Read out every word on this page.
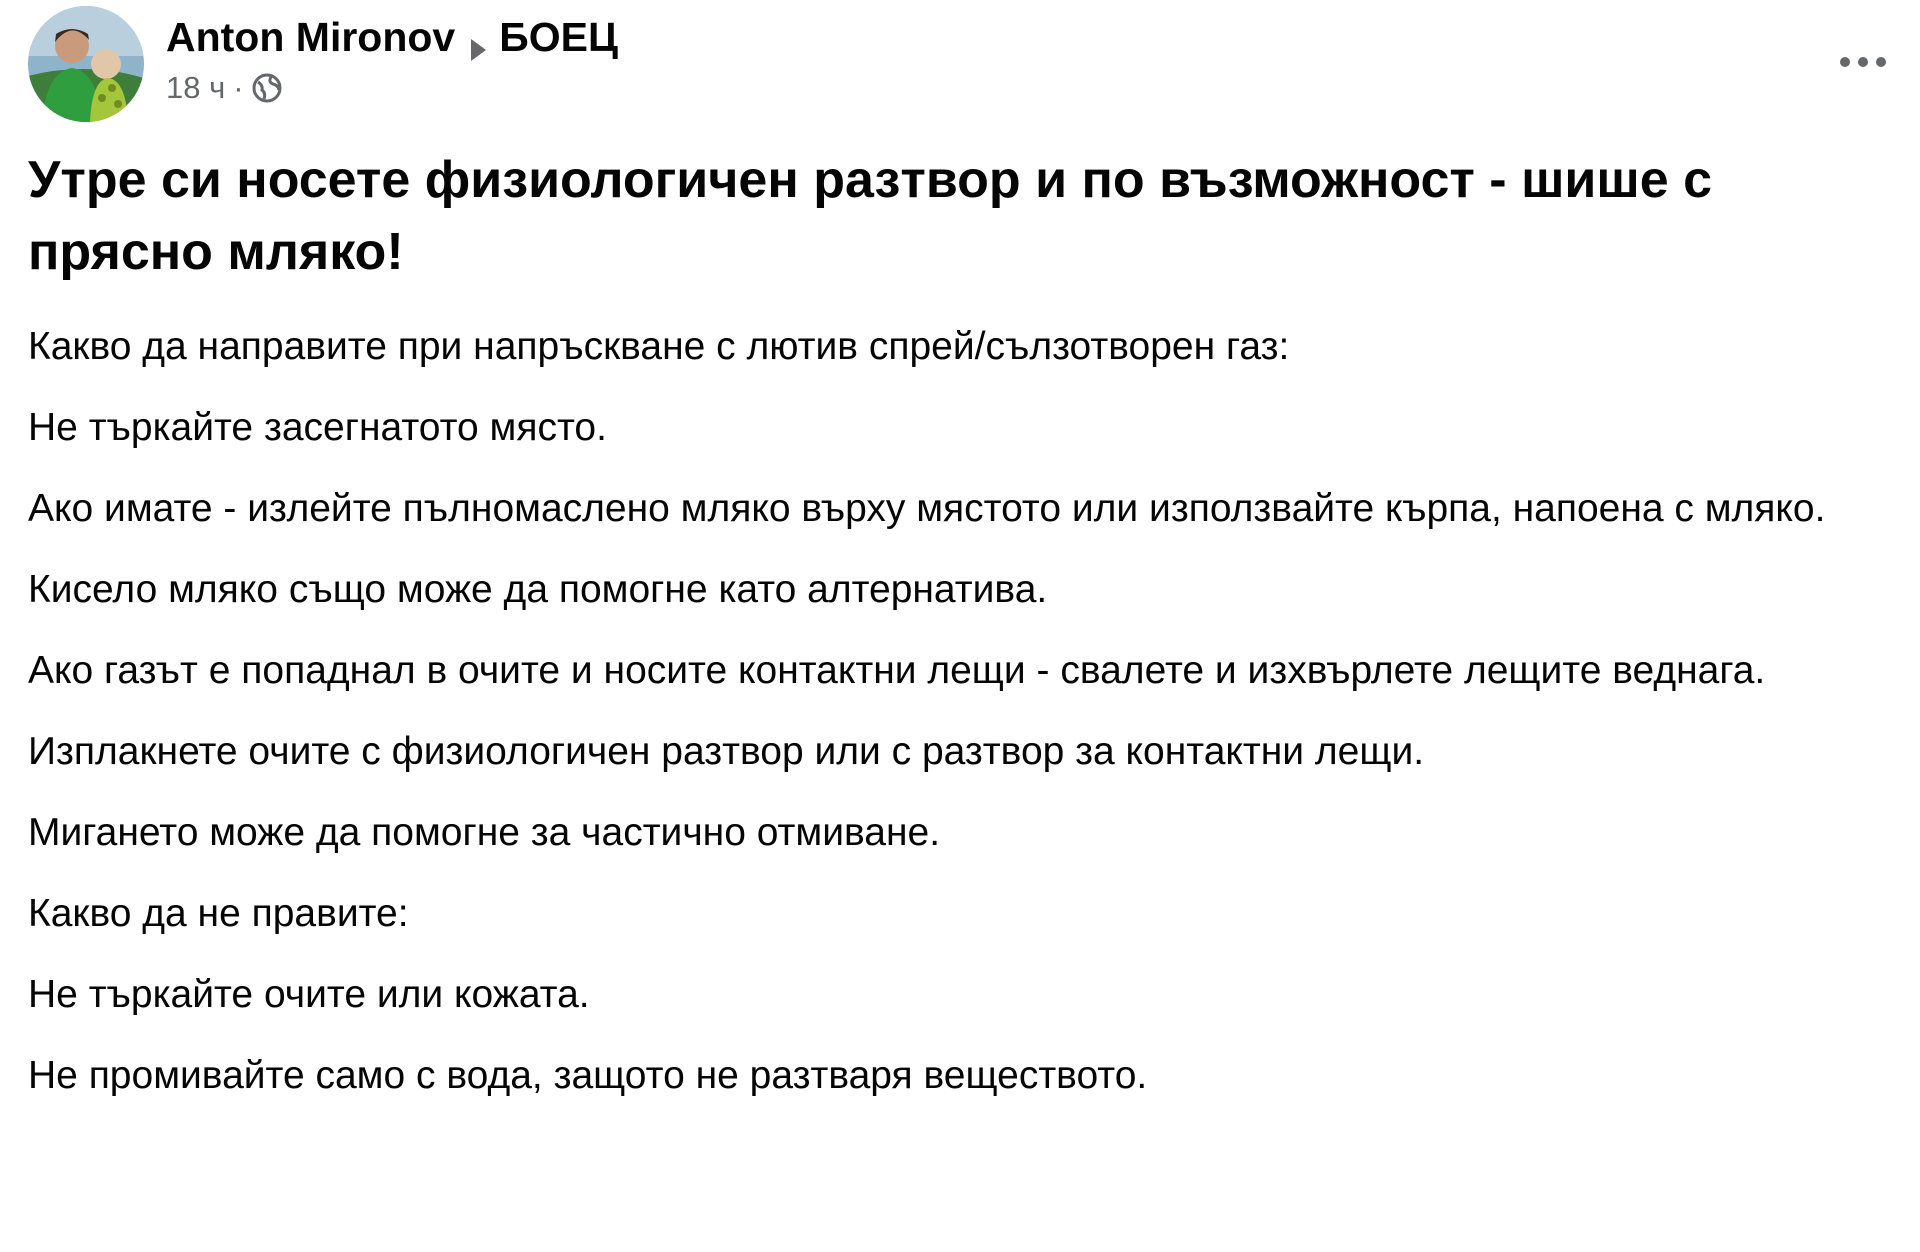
Anton Mironov БОЕЦ
18 ч ·
Утре си носете физиологичен разтвор и по възможност - шише с прясно мляко!

Какво да направите при напръскване с лютив спрей/сълзотворен газ:

Не търкайте засегнатото място.

Ако имате - излейте пълномаслено мляко върху мястото или използвайте кърпа, напоена с мляко.

Кисело мляко също може да помогне като алтернатива.

Ако газът е попаднал в очите и носите контактни лещи - свалете и изхвърлете лещите веднага.

Изплакнете очите с физиологичен разтвор или с разтвор за контактни лещи.

Мигането може да помогне за частично отмиване.

Какво да не правите:

Не търкайте очите или кожата.

Не промивайте само с вода, защото не разтваря веществото.
